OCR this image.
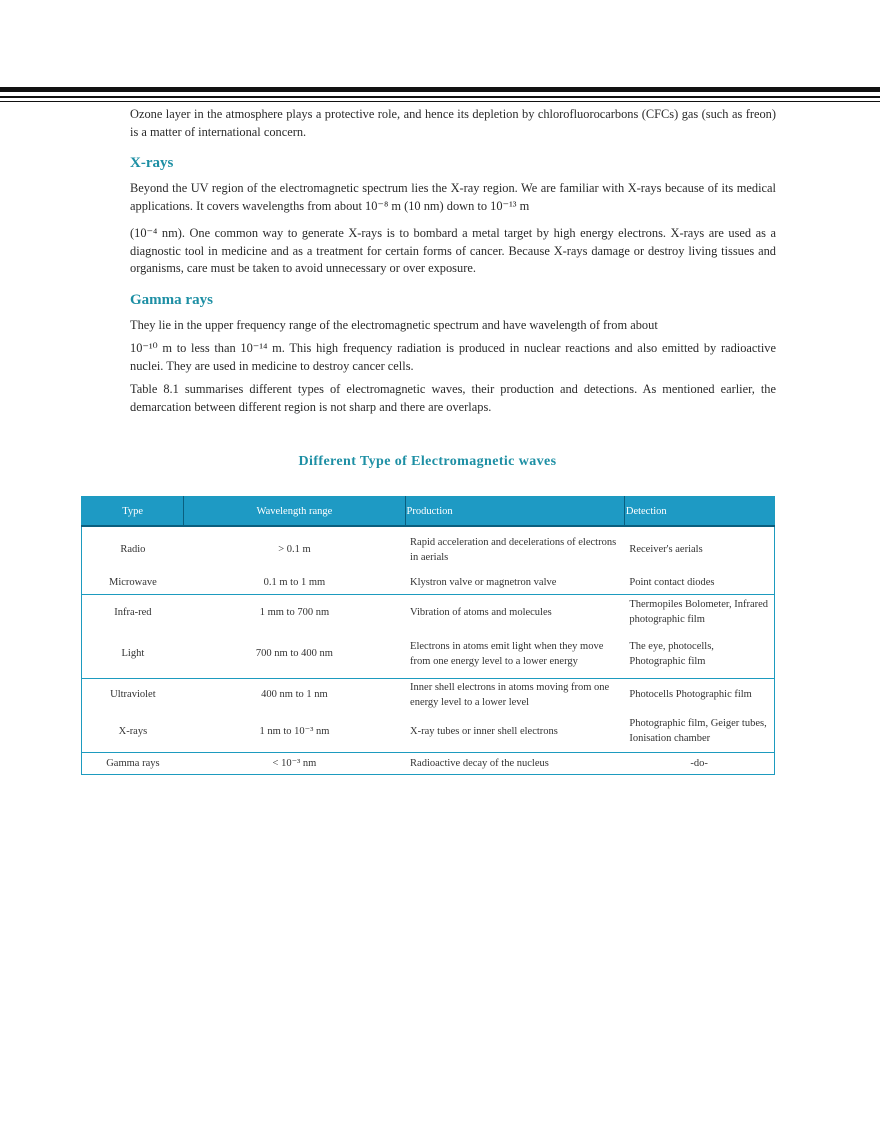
Ozone layer in the atmosphere plays a protective role, and hence its depletion by chlorofluorocarbons (CFCs) gas (such as freon) is a matter of international concern.

X-rays

Beyond the UV region of the electromagnetic spectrum lies the X-ray region. We are familiar with X-rays because of its medical applications. It covers wavelengths from about 10⁻⁸ m (10 nm) down to 10⁻¹³ m

(10⁻⁴ nm). One common way to generate X-rays is to bombard a metal target by high energy electrons. X-rays are used as a diagnostic tool in medicine and as a treatment for certain forms of cancer. Because X-rays damage or destroy living tissues and organisms, care must be taken to avoid unnecessary or over exposure.

Gamma rays

They lie in the upper frequency range of the electromagnetic spectrum and have wavelength of from about

10⁻¹⁰ m to less than 10⁻¹⁴ m. This high frequency radiation is produced in nuclear reactions and also emitted by radioactive nuclei. They are used in medicine to destroy cancer cells.

Table 8.1 summarises different types of electromagnetic waves, their production and detections. As mentioned earlier, the demarcation between different region is not sharp and there are overlaps.

Different Type of Electromagnetic waves
Type	Wavelength range	Production	Detection
Radio	> 0.1 m	Rapid acceleration and decelerations of electrons in aerials	Receiver's aerials
Microwave	0.1 m to 1 mm	Klystron valve or magnetron valve	Point contact diodes
Infra-red	1 mm to 700 nm	Vibration of atoms and molecules	Thermopiles Bolometer, Infrared photographic film
Light	700 nm to 400 nm	Electrons in atoms emit light when they move from one energy level to a lower energy	The eye, photocells, Photographic film
Ultraviolet	400 nm to 1 nm	Inner shell electrons in atoms moving from one energy level to a lower level	Photocells Photographic film
X-rays	1 nm to 10⁻³ nm	X-ray tubes or inner shell electrons	Photographic film, Geiger tubes, Ionisation chamber
Gamma rays	< 10⁻³ nm	Radioactive decay of the nucleus	-do-
